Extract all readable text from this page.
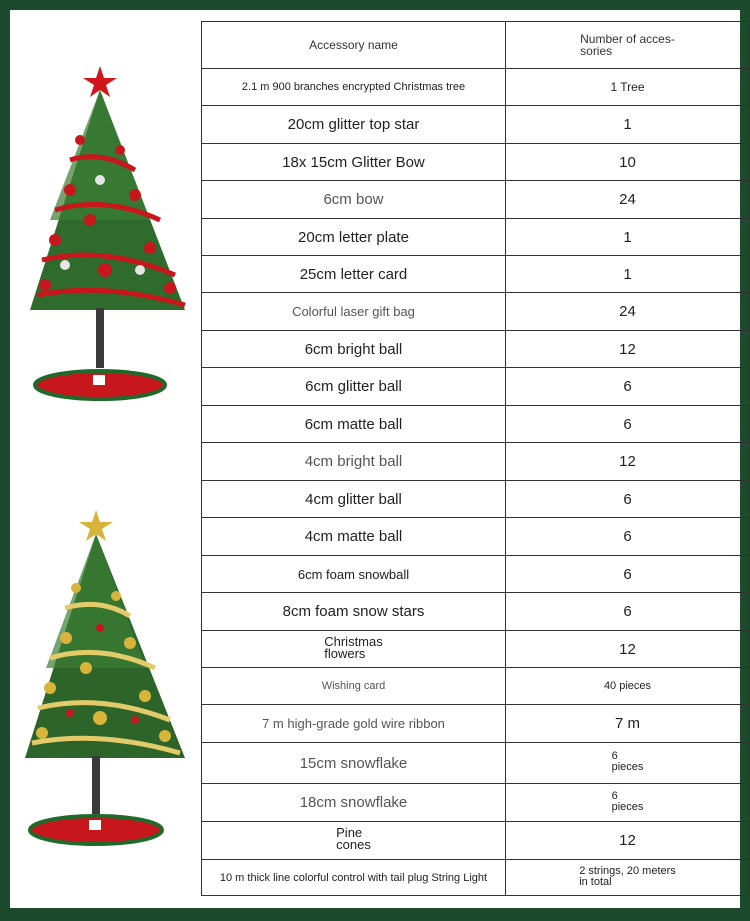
Accessory name	Number of acces-
sories
2.1 m 900 branches encrypted Christmas tree	1 Tree
20cm glitter top star	1
18x 15cm Glitter Bow	10
6cm bow	24
20cm letter plate	1
25cm letter card	1
Colorful laser gift bag	24
6cm bright ball	12
6cm glitter ball	6
6cm matte ball	6
4cm bright ball	12
4cm glitter ball	6
4cm matte ball	6
6cm foam snowball	6
8cm foam snow stars	6
Christmas
flowers	12
Wishing card	40 pieces
7 m high-grade gold wire ribbon	7 m
15cm snowflake	6
pieces
18cm snowflake	6
pieces
Pine
cones	12
10 m thick line colorful control with tail plug String Light	2 strings, 20 meters
in total
